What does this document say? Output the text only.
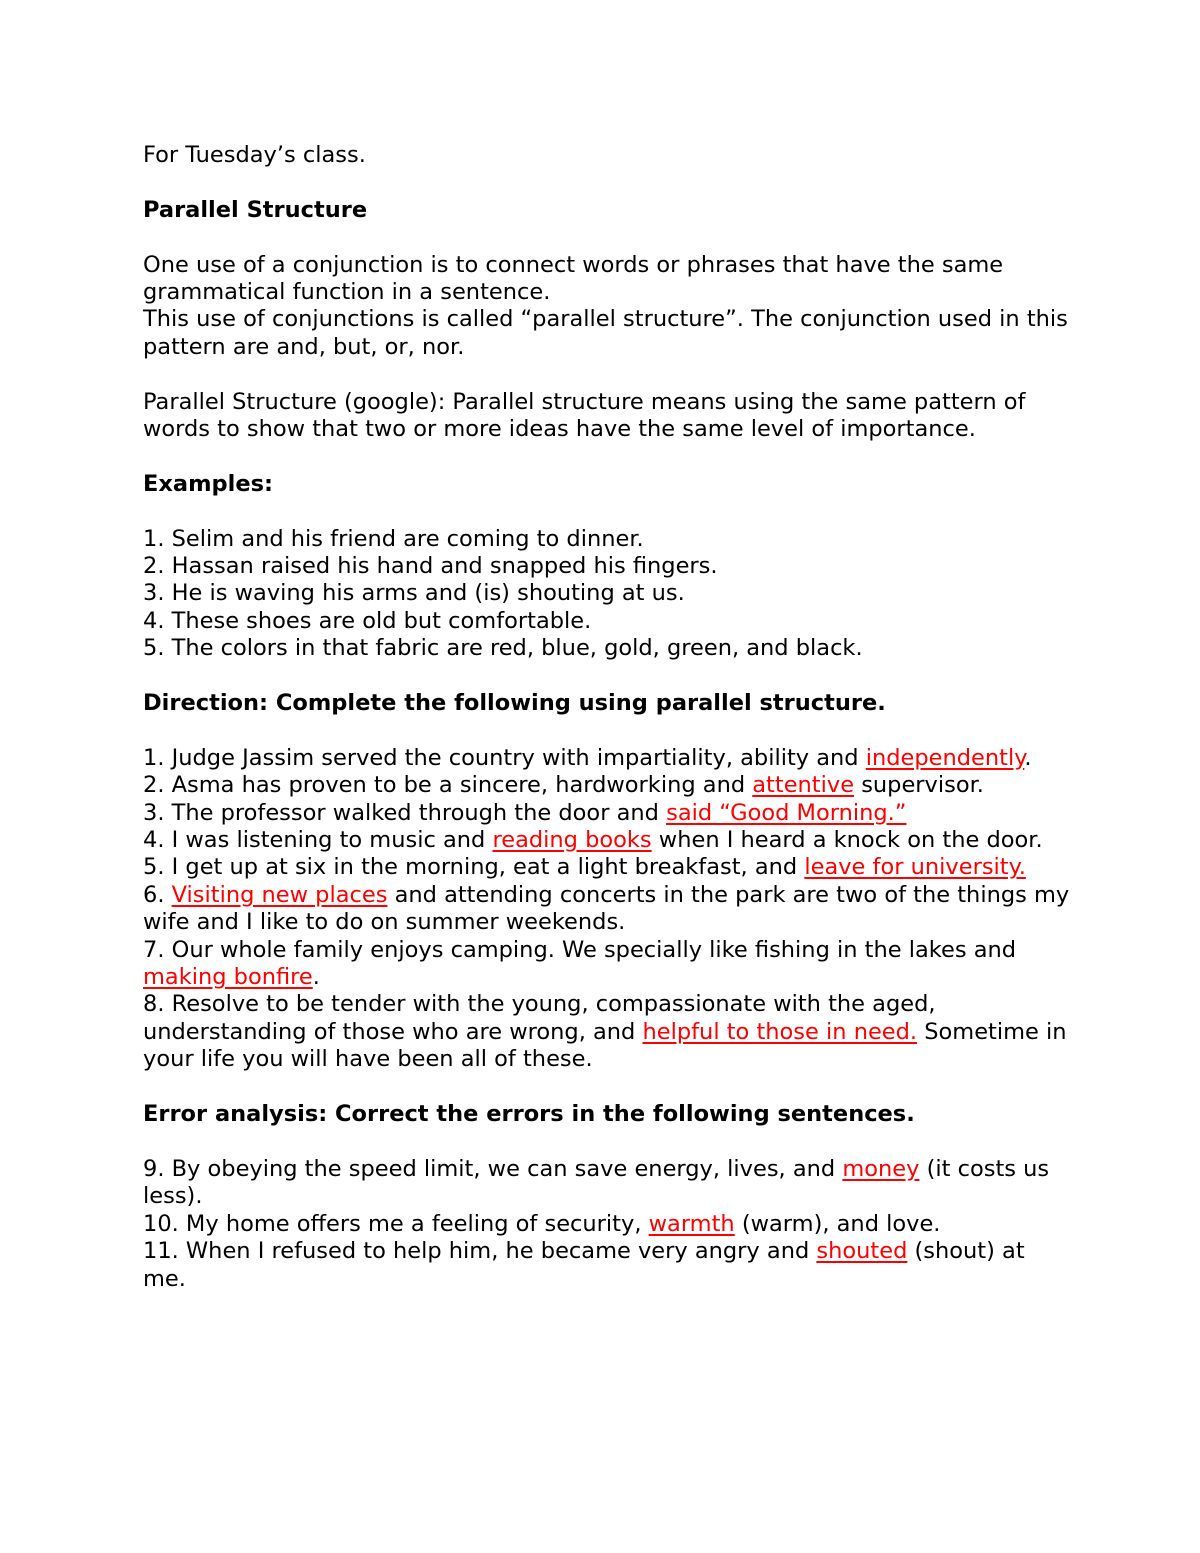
For Tuesday’s class.

Parallel Structure

One use of a conjunction is to connect words or phrases that have the same grammatical function in a sentence.

This use of conjunctions is called “parallel structure”. The conjunction used in this pattern are and, but, or, nor.

Parallel Structure (google): Parallel structure means using the same pattern of words to show that two or more ideas have the same level of importance.

Examples:

1. Selim and his friend are coming to dinner.

2. Hassan raised his hand and snapped his fingers.

3. He is waving his arms and (is) shouting at us.

4. These shoes are old but comfortable.

5. The colors in that fabric are red, blue, gold, green, and black.

Direction: Complete the following using parallel structure.

1. Judge Jassim served the country with impartiality, ability and independently.

2. Asma has proven to be a sincere, hardworking and attentive supervisor.

3. The professor walked through the door and said “Good Morning.”

4. I was listening to music and reading books when I heard a knock on the door.

5. I get up at six in the morning, eat a light breakfast, and leave for university.

6. Visiting new places and attending concerts in the park are two of the things my wife and I like to do on summer weekends.

7. Our whole family enjoys camping. We specially like fishing in the lakes and making bonfire.

8. Resolve to be tender with the young, compassionate with the aged, understanding of those who are wrong, and helpful to those in need. Sometime in your life you will have been all of these.

Error analysis: Correct the errors in the following sentences.

9. By obeying the speed limit, we can save energy, lives, and money (it costs us less).

10. My home offers me a feeling of security, warmth (warm), and love.

11. When I refused to help him, he became very angry and shouted (shout) at me.
